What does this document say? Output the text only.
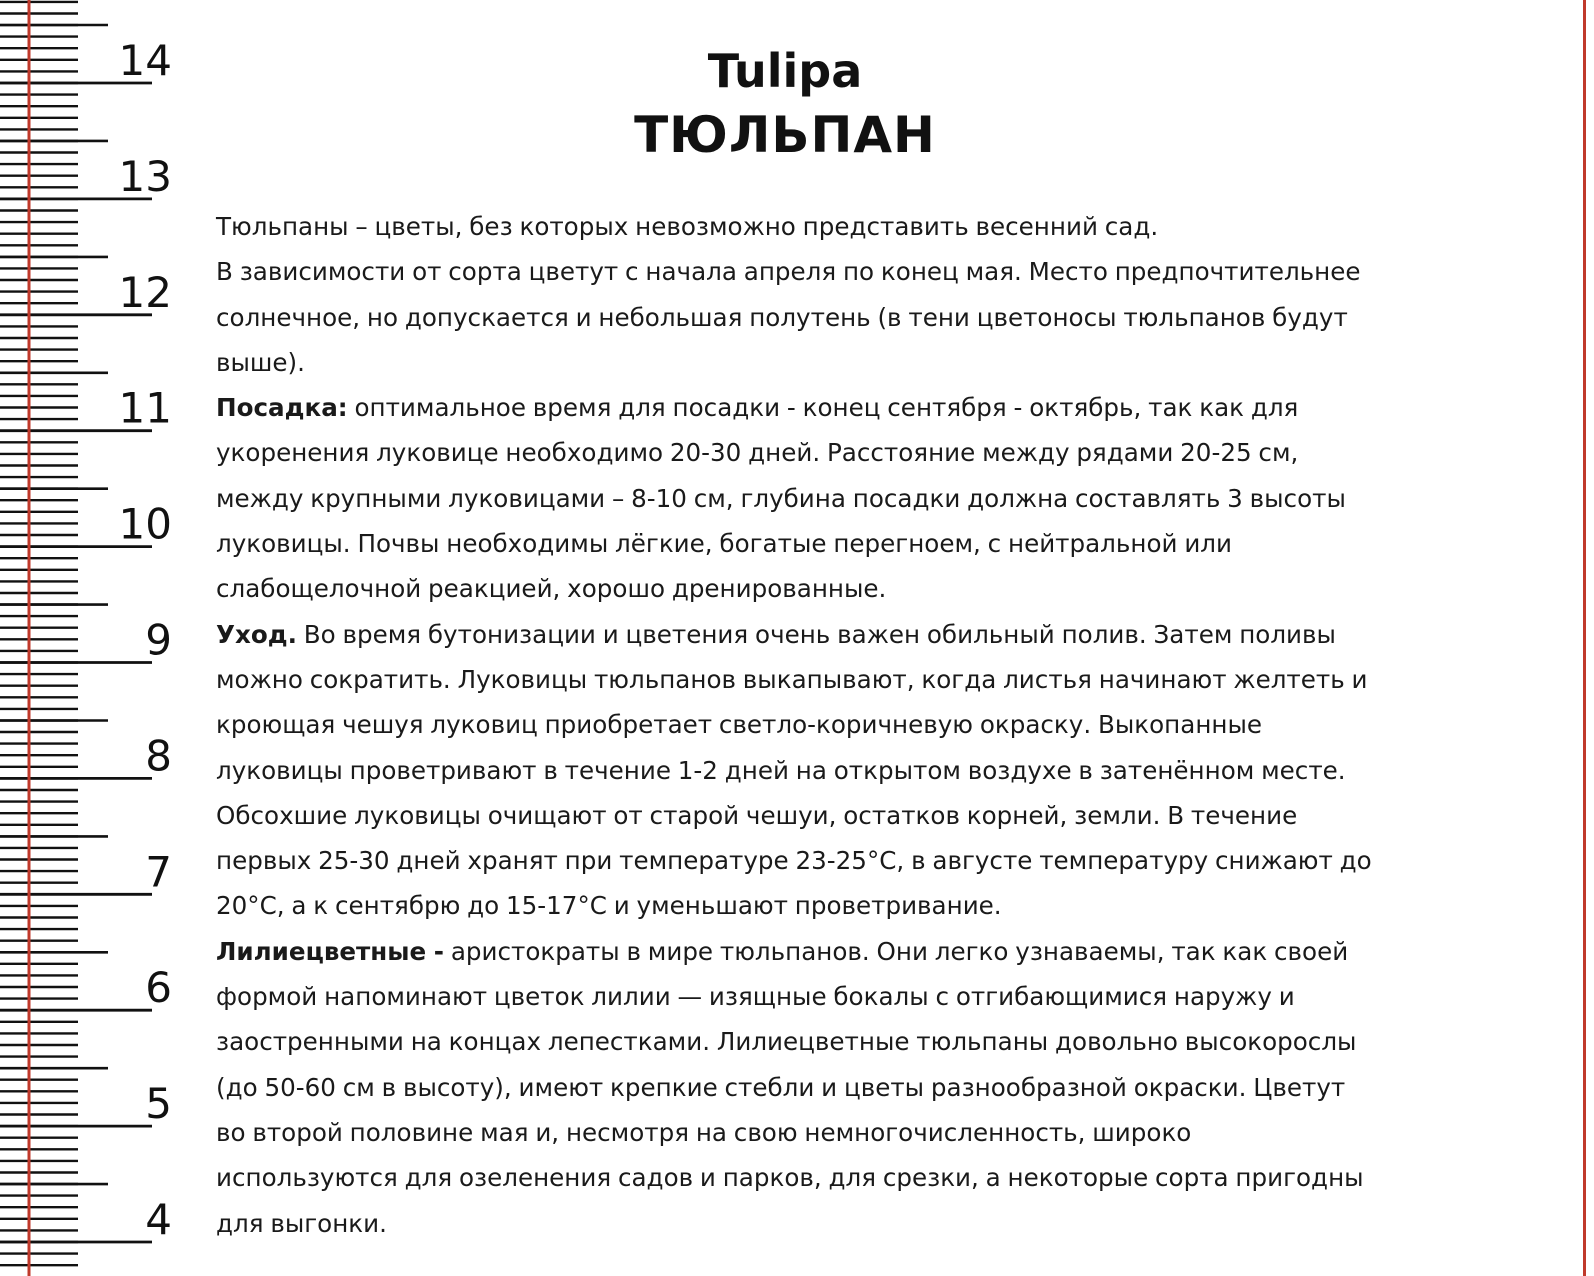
14
13
12
11
10
9
8
7
6
5
4
Tulipa
ТЮЛЬПАН

Тюльпаны – цветы, без которых невозможно представить весенний сад.

В зависимости от сорта цветут с начала апреля по конец мая. Место предпочтительнее

солнечное, но допускается и небольшая полутень (в тени цветоносы тюльпанов будут

выше).

Посадка: оптимальное время для посадки - конец сентября - октябрь, так как для

укоренения луковице необходимо 20-30 дней. Расстояние между рядами 20-25 см,

между крупными луковицами – 8-10 см, глубина посадки должна составлять 3 высоты

луковицы. Почвы необходимы лёгкие, богатые перегноем, с нейтральной или

слабощелочной реакцией, хорошо дренированные.

Уход. Во время бутонизации и цветения очень важен обильный полив. Затем поливы

можно сократить. Луковицы тюльпанов выкапывают, когда листья начинают желтеть и

кроющая чешуя луковиц приобретает светло-коричневую окраску. Выкопанные

луковицы проветривают в течение 1-2 дней на открытом воздухе в затенённом месте.

Обсохшие луковицы очищают от старой чешуи, остатков корней, земли. В течение

первых 25-30 дней хранят при температуре 23-25°С, в августе температуру снижают до

20°С, а к сентябрю до 15-17°С и уменьшают проветривание.

Лилиецветные - аристократы в мире тюльпанов. Они легко узнаваемы, так как своей

формой напоминают цветок лилии — изящные бокалы с отгибающимися наружу и

заостренными на концах лепестками. Лилиецветные тюльпаны довольно высокорослы

(до 50-60 см в высоту), имеют крепкие стебли и цветы разнообразной окраски. Цветут

во второй половине мая и, несмотря на свою немногочисленность, широко

используются для озеленения садов и парков, для срезки, а некоторые сорта пригодны

для выгонки.
